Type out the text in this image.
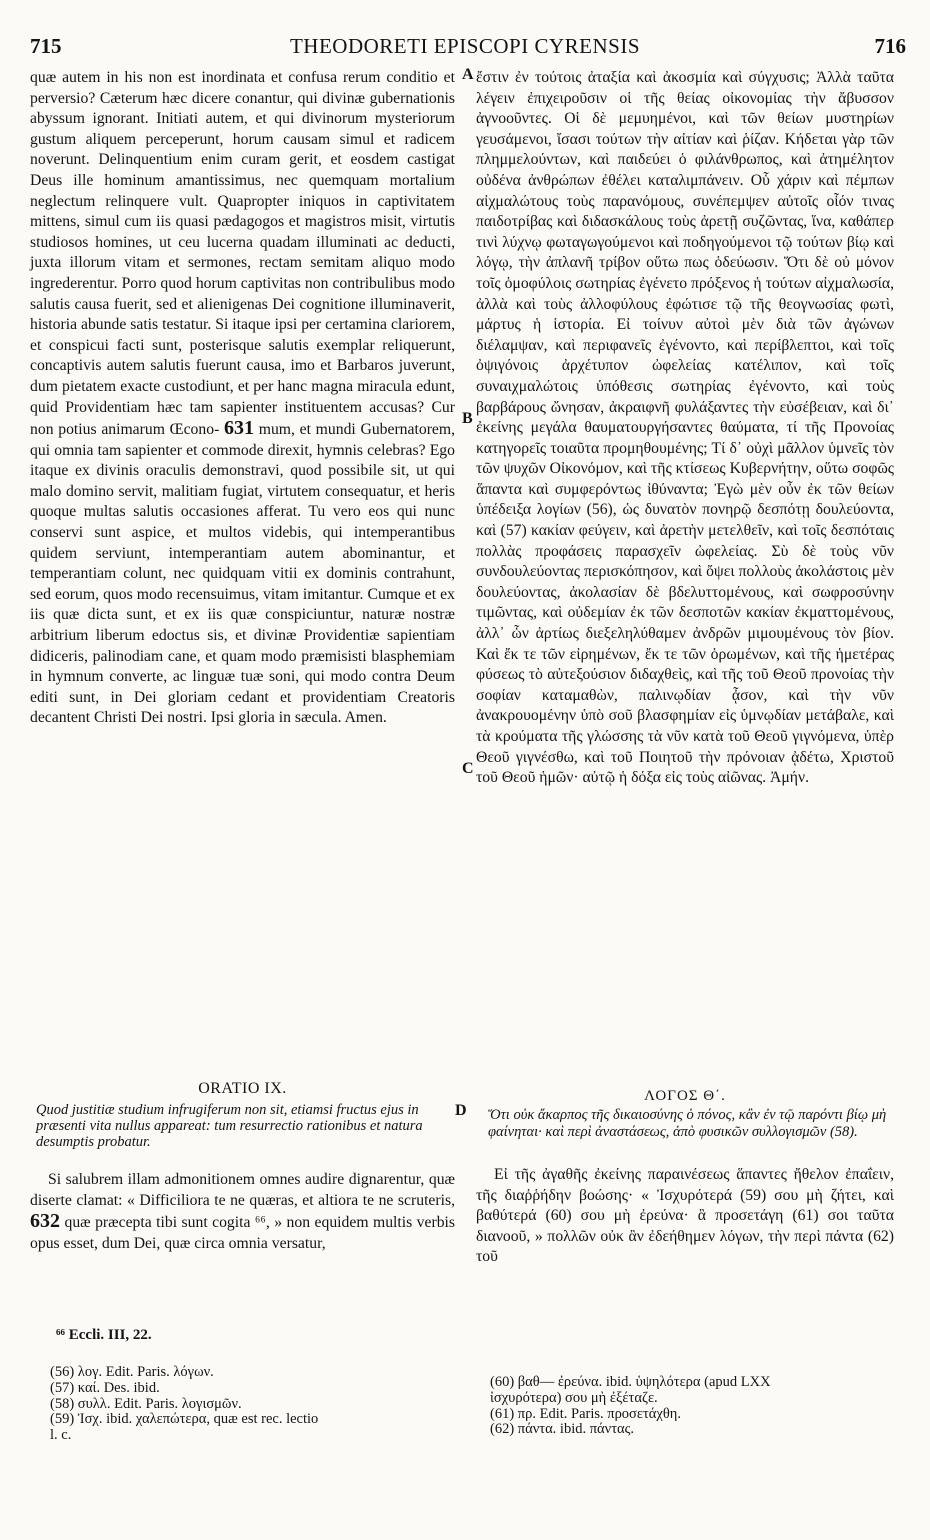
715	THEODORETI EPISCOPI CYRENSIS	716
A
B
C
D

quæ autem in his non est inordinata et confusa rerum conditio et perversio? Cæterum hæc dicere conantur, qui divinæ gubernationis abyssum ignorant. Initiati autem, et qui divinorum mysteriorum gustum aliquem perceperunt, horum causam simul et radicem noverunt. Delinquentium enim curam gerit, et eosdem castigat Deus ille hominum amantissimus, nec quemquam mortalium neglectum relinquere vult. Quapropter iniquos in captivitatem mittens, simul cum iis quasi pædagogos et magistros misit, virtutis studiosos homines, ut ceu lucerna quadam illuminati ac deducti, juxta illorum vitam et sermones, rectam semitam aliquo modo ingrederentur. Porro quod horum captivitas non contribulibus modo salutis causa fuerit, sed et alienigenas Dei cognitione illuminaverit, historia abunde satis testatur. Si itaque ipsi per certamina clariorem, et conspicui facti sunt, posterisque salutis exemplar reliquerunt, concaptivis autem salutis fuerunt causa, imo et Barbaros juverunt, dum pietatem exacte custodiunt, et per hanc magna miracula edunt, quid Providentiam hæc tam sapienter instituentem accusas? Cur non potius animarum Œcono- 631 mum, et mundi Gubernatorem, qui omnia tam sapienter et commode direxit, hymnis celebras? Ego itaque ex divinis oraculis demonstravi, quod possibile sit, ut qui malo domino servit, malitiam fugiat, virtutem consequatur, et heris quoque multas salutis occasiones afferat. Tu vero eos qui nunc conservi sunt aspice, et multos videbis, qui intemperantibus quidem serviunt, intemperantiam autem abominantur, et temperantiam colunt, nec quidquam vitii ex dominis contrahunt, sed eorum, quos modo recensuimus, vitam imitantur. Cumque et ex iis quæ dicta sunt, et ex iis quæ conspiciuntur, naturæ nostræ arbitrium liberum edoctus sis, et divinæ Providentiæ sapientiam didiceris, palinodiam cane, et quam modo præmisisti blasphemiam in hymnum converte, ac linguæ tuæ soni, qui modo contra Deum editi sunt, in Dei gloriam cedant et providentiam Creatoris decantent Christi Dei nostri. Ipsi gloria in sæcula. Amen.

ἔστιν ἐν τούτοις ἀταξία καὶ ἀκοσμία καὶ σύγχυσις; Ἀλλὰ ταῦτα λέγειν ἐπιχειροῦσιν οἱ τῆς θείας οἰκονομίας τὴν ἄβυσσον ἀγνοοῦντες. Οἱ δὲ μεμυημένοι, καὶ τῶν θείων μυστηρίων γευσάμενοι, ἴσασι τούτων τὴν αἰτίαν καὶ ῥίζαν. Κήδεται γὰρ τῶν πλημμελούντων, καὶ παιδεύει ὁ φιλάνθρωπος, καὶ ἀτημέλητον οὐδένα ἀνθρώπων ἐθέλει καταλιμπάνειν. Οὗ χάριν καὶ πέμπων αἰχμαλώτους τοὺς παρανόμους, συνέπεμψεν αὐτοῖς οἷόν τινας παιδοτρίβας καὶ διδασκάλους τοὺς ἀρετῇ συζῶντας, ἵνα, καθάπερ τινὶ λύχνῳ φωταγωγούμενοι καὶ ποδηγούμενοι τῷ τούτων βίῳ καὶ λόγῳ, τὴν ἀπλανῆ τρίβον οὕτω πως ὁδεύωσιν. Ὅτι δὲ οὐ μόνον τοῖς ὁμοφύλοις σωτηρίας ἐγένετο πρόξενος ἡ τούτων αἰχμαλωσία, ἀλλὰ καὶ τοὺς ἀλλοφύλους ἐφώτισε τῷ τῆς θεογνωσίας φωτὶ, μάρτυς ἡ ἱστορία. Εἰ τοίνυν αὐτοὶ μὲν διὰ τῶν ἀγώνων διέλαμψαν, καὶ περιφανεῖς ἐγένοντο, καὶ περίβλεπτοι, καὶ τοῖς ὀψιγόνοις ἀρχέτυπον ὠφελείας κατέλιπον, καὶ τοῖς συναιχμαλώτοις ὑπόθεσις σωτηρίας ἐγένοντο, καὶ τοὺς βαρβάρους ὤνησαν, ἀκραιφνῆ φυλάξαντες τὴν εὐσέβειαν, καὶ δι᾽ ἐκείνης μεγάλα θαυματουργήσαντες θαύματα, τί τῆς Προνοίας κατηγορεῖς τοιαῦτα προμηθουμένης; Τί δ᾽ οὐχὶ μᾶλλον ὑμνεῖς τὸν τῶν ψυχῶν Οἰκονόμον, καὶ τῆς κτίσεως Κυβερνήτην, οὕτω σοφῶς ἅπαντα καὶ συμφερόντως ἰθύναντα; Ἐγὼ μὲν οὖν ἐκ τῶν θείων ὑπέδειξα λογίων (56), ὡς δυνατὸν πονηρῷ δεσπότῃ δουλεύοντα, καὶ (57) κακίαν φεύγειν, καὶ ἀρετὴν μετελθεῖν, καὶ τοῖς δεσπόταις πολλὰς προφάσεις παρασχεῖν ὠφελείας. Σὺ δὲ τοὺς νῦν συνδουλεύοντας περισκόπησον, καὶ ὄψει πολλοὺς ἀκολάστοις μὲν δουλεύοντας, ἀκολασίαν δὲ βδελυττομένους, καὶ σωφροσύνην τιμῶντας, καὶ οὐδεμίαν ἐκ τῶν δεσποτῶν κακίαν ἐκματτομένους, ἀλλ᾽ ὧν ἀρτίως διεξεληλύθαμεν ἀνδρῶν μιμουμένους τὸν βίον. Καὶ ἔκ τε τῶν εἰρημένων, ἔκ τε τῶν ὁρωμένων, καὶ τῆς ἡμετέρας φύσεως τὸ αὐτεξούσιον διδαχθεὶς, καὶ τῆς τοῦ Θεοῦ προνοίας τὴν σοφίαν καταμαθὼν, παλινῳδίαν ᾆσον, καὶ τὴν νῦν ἀνακρουομένην ὑπὸ σοῦ βλασφημίαν εἰς ὑμνῳδίαν μετάβαλε, καὶ τὰ κρούματα τῆς γλώσσης τὰ νῦν κατὰ τοῦ Θεοῦ γιγνόμενα, ὑπὲρ Θεοῦ γιγνέσθω, καὶ τοῦ Ποιητοῦ τὴν πρόνοιαν ᾀδέτω, Χριστοῦ τοῦ Θεοῦ ἡμῶν· αὐτῷ ἡ δόξα εἰς τοὺς αἰῶνας. Ἀμήν.

ORATIO IX.
Quod justitiæ studium infrugiferum non sit, etiamsi fructus ejus in præsenti vita nullus appareat: tum resurrectio rationibus et natura desumptis probatur.
Si salubrem illam admonitionem omnes audire dignarentur, quæ diserte clamat: « Difficiliora te ne quæras, et altiora te ne scruteris, 632 quæ præcepta tibi sunt cogita ⁶⁶, » non equidem multis verbis opus esset, dum Dei, quæ circa omnia versatur,
ΛΟΓΟΣ Θ΄.
Ὅτι οὐκ ἄκαρπος τῆς δικαιοσύνης ὁ πόνος, κἂν ἐν τῷ παρόντι βίῳ μὴ φαίνηται· καὶ περὶ ἀναστάσεως, ἀπὸ φυσικῶν συλλογισμῶν (58).
Εἰ τῆς ἀγαθῆς ἐκείνης παραινέσεως ἅπαντες ἤθελον ἐπαΐειν, τῆς διαῤῥήδην βοώσης· « Ἰσχυρότερά (59) σου μὴ ζήτει, καὶ βαθύτερά (60) σου μὴ ἐρεύνα· ἃ προσετάγη (61) σοι ταῦτα διανοοῦ, » πολλῶν οὐκ ἂν ἐδεήθημεν λόγων, τὴν περὶ πάντα (62) τοῦ
⁶⁶ Eccli. III, 22.
(56) λογ. Edit. Paris. λόγων.
(57) καί. Des. ibid.
(58) συλλ. Edit. Paris. λογισμῶν.
(59) Ἰσχ. ibid. χαλεπώτερα, quæ est rec. lectio
l. c.
(60) βαθ— ἐρεύνα. ibid. ὑψηλότερα (apud LXX
ἰσχυρότερα) σου μὴ ἐξέταζε.
(61) πρ. Edit. Paris. προσετάχθη.
(62) πάντα. ibid. πάντας.
